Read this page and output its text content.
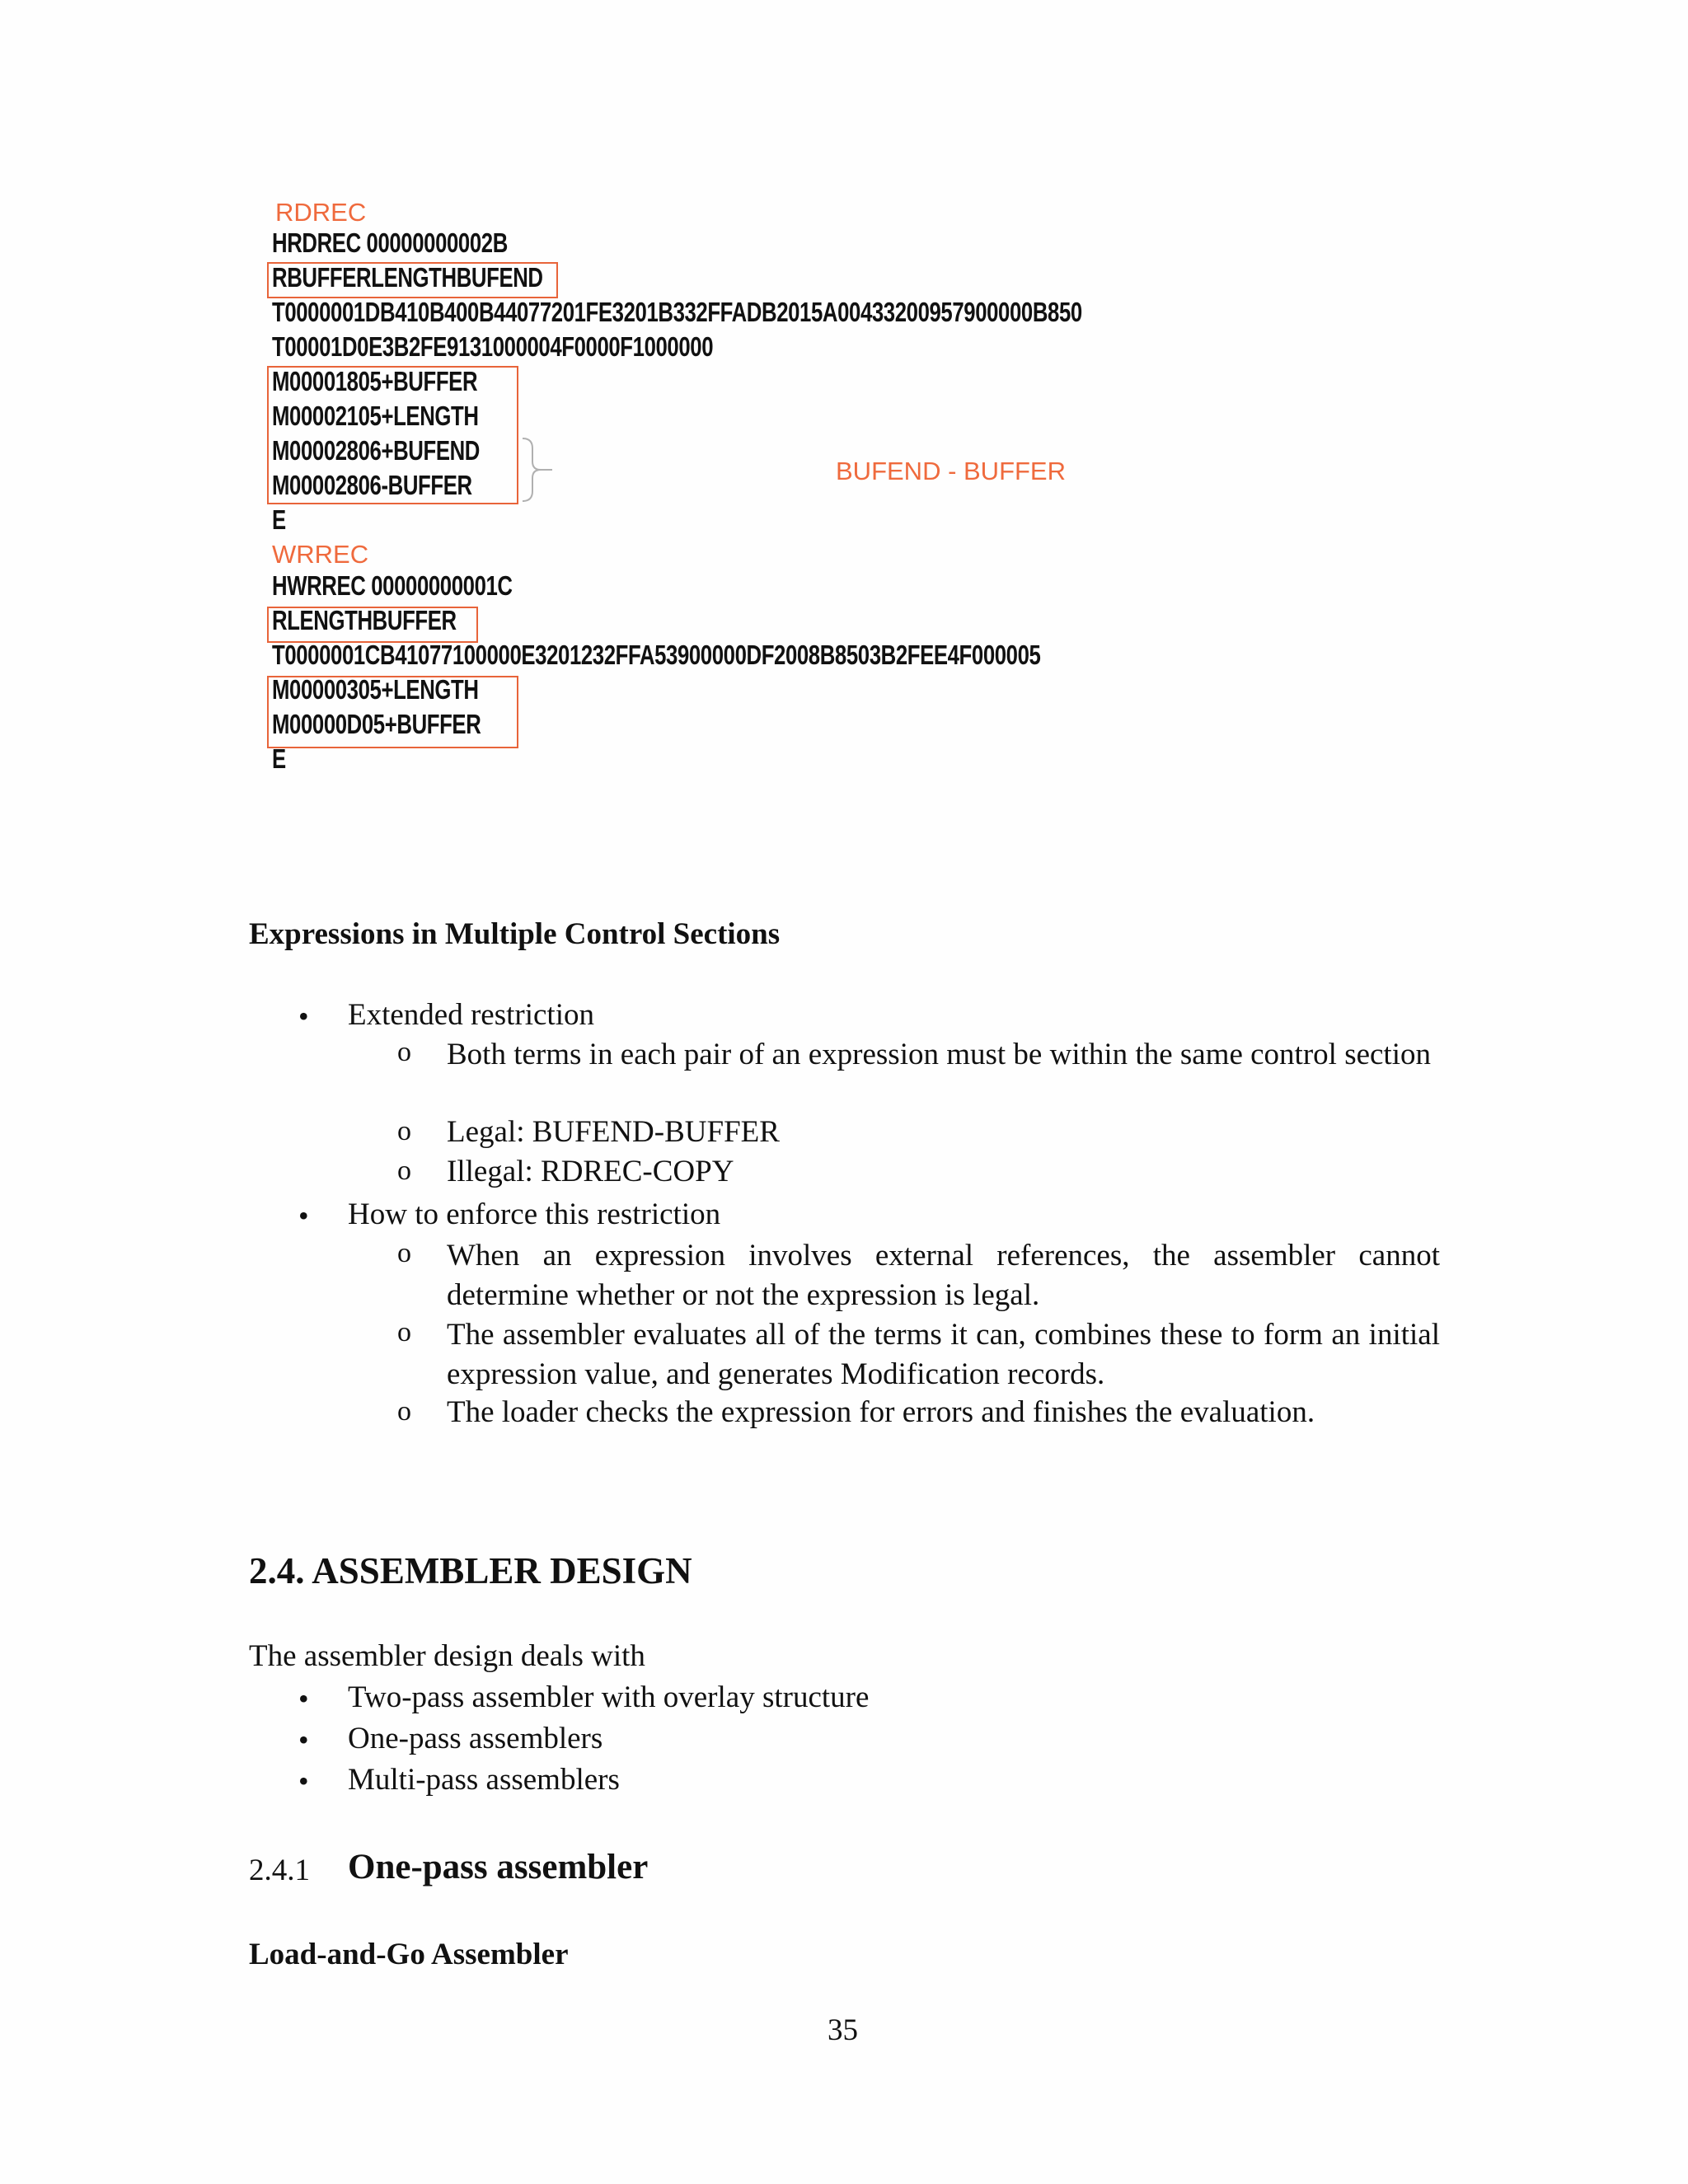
RDREC
HRDREC 00000000002B
RBUFFERLENGTHBUFEND
T0000001DB410B400B44077201FE3201B332FFADB2015A00433200957900000B850
T00001D0E3B2FE9131000004F0000F1000000
M00001805+BUFFER
M00002105+LENGTH
M00002806+BUFEND
M00002806-BUFFER
E
BUFEND - BUFFER
WRREC
HWRREC 00000000001C
RLENGTHBUFFER
T0000001CB41077100000E3201232FFA53900000DF2008B8503B2FEE4F000005
M00000305+LENGTH
M00000D05+BUFFER
E
Expressions in Multiple Control Sections
• Extended restriction
o Both terms in each pair of an expression must be within the same control section
o Legal: BUFEND-BUFFER
o Illegal: RDREC-COPY
• How to enforce this restriction
o When an expression involves external references, the assembler cannot determine whether or not the expression is legal.
o The assembler evaluates all of the terms it can, combines these to form an initial expression value, and generates Modification records.
o The loader checks the expression for errors and finishes the evaluation.
2.4. ASSEMBLER DESIGN
The assembler design deals with
• Two-pass assembler with overlay structure
• One-pass assemblers
• Multi-pass assemblers
2.4.1 One-pass assembler
Load-and-Go Assembler
35
